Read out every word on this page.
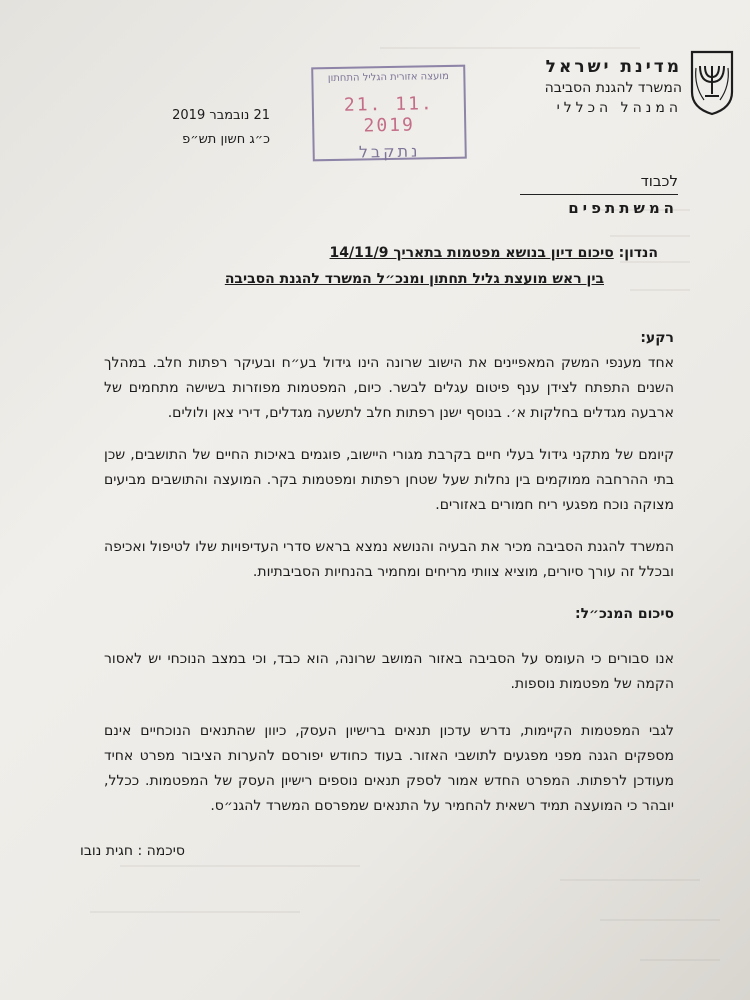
מדינת ישראל
המשרד להגנת הסביבה
המנהל הכללי
מועצה אזורית הגליל התחתון
21. 11. 2019
נתקבל
21 נובמבר 2019
כ״ג חשון תש״פ
לכבוד
המשתתפים
הנדון: סיכום דיון בנושא מפטמות בתאריך 14/11/9
בין ראש מועצת גליל תחתון ומנכ״ל המשרד להגנת הסביבה

רקע:

אחד מענפי המשק המאפיינים את הישוב שרונה הינו גידול בע״ח ובעיקר רפתות חלב. במהלך השנים התפתח לצידן ענף פיטום עגלים לבשר. כיום, המפטמות מפוזרות בשישה מתחמים של ארבעה מגדלים בחלקות א׳. בנוסף ישנן רפתות חלב לתשעה מגדלים, דירי צאן ולולים.

קיומם של מתקני גידול בעלי חיים בקרבת מגורי היישוב, פוגמים באיכות החיים של התושבים, שכן בתי ההרחבה ממוקמים בין נחלות שעל שטחן רפתות ומפטמות בקר. המועצה והתושבים מביעים מצוקה נוכח מפגעי ריח חמורים באזורים.

המשרד להגנת הסביבה מכיר את הבעיה והנושא נמצא בראש סדרי העדיפויות שלו לטיפול ואכיפה ובכלל זה עורך סיורים, מוציא צוותי מריחים ומחמיר בהנחיות הסביבתיות.

סיכום המנכ״ל:

אנו סבורים כי העומס על הסביבה באזור המושב שרונה, הוא כבד, וכי במצב הנוכחי יש לאסור הקמה של מפטמות נוספות.

לגבי המפטמות הקיימות, נדרש עדכון תנאים ברישיון העסק, כיוון שהתנאים הנוכחיים אינם מספקים הגנה מפני מפגעים לתושבי האזור. בעוד כחודש יפורסם להערות הציבור מפרט אחיד מעודכן לרפתות. המפרט החדש אמור לספק תנאים נוספים רישיון העסק של המפטמות. ככלל, יובהר כי המועצה תמיד רשאית להחמיר על התנאים שמפרסם המשרד להגנ״ס.

סיכמה : חגית נובו
